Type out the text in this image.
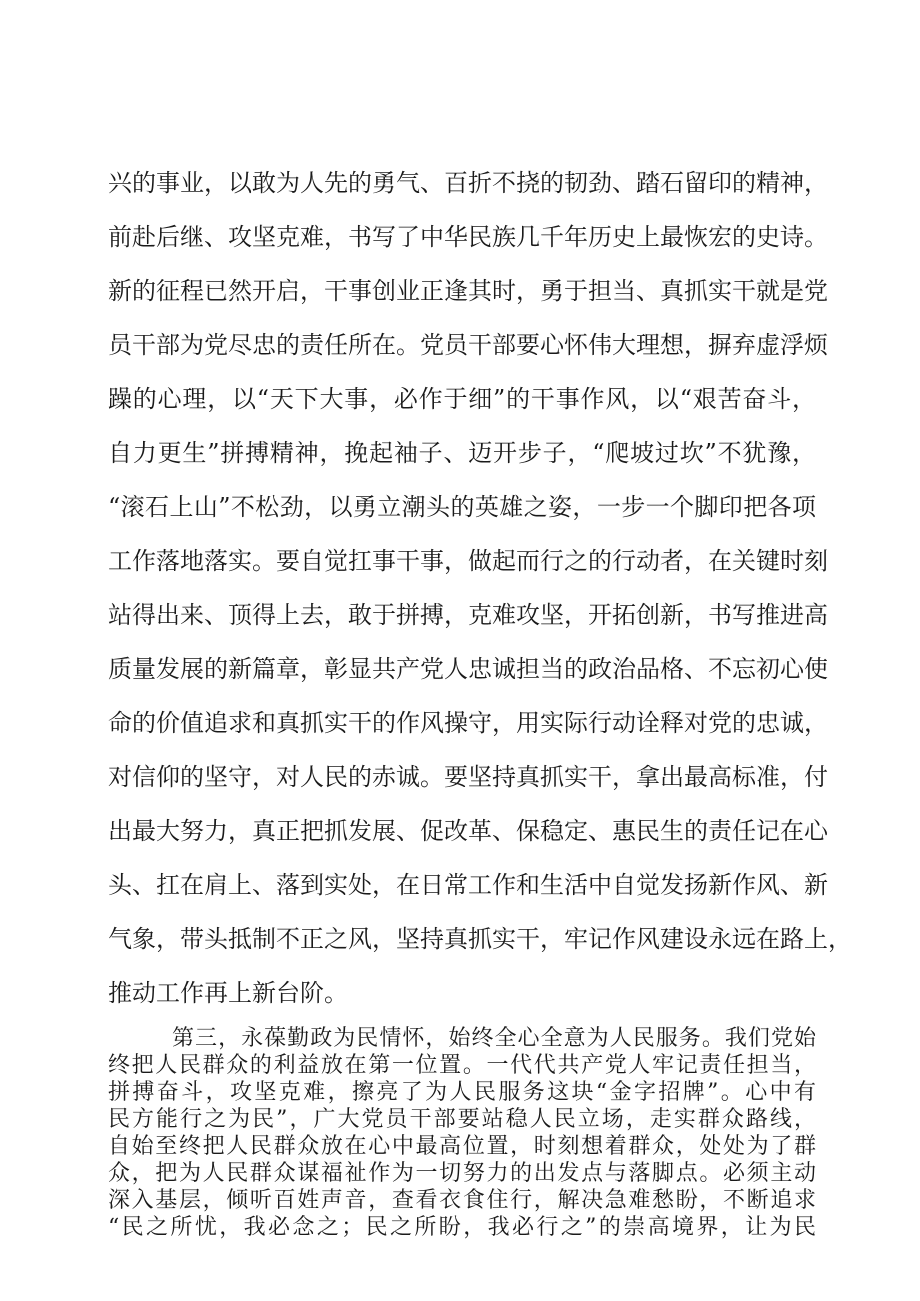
兴的事业，以敢为人先的勇气、百折不挠的韧劲、踏石留印的精神，
前赴后继、攻坚克难，书写了中华民族几千年历史上最恢宏的史诗。
新的征程已然开启，干事创业正逢其时，勇于担当、真抓实干就是党
员干部为党尽忠的责任所在。党员干部要心怀伟大理想，摒弃虚浮烦
躁的心理，以“天下大事，必作于细”的干事作风，以“艰苦奋斗，
自力更生”拼搏精神，挽起袖子、迈开步子，“爬坡过坎”不犹豫，
“滚石上山”不松劲，以勇立潮头的英雄之姿，一步一个脚印把各项
工作落地落实。要自觉扛事干事，做起而行之的行动者，在关键时刻
站得出来、顶得上去，敢于拼搏，克难攻坚，开拓创新，书写推进高
质量发展的新篇章，彰显共产党人忠诚担当的政治品格、不忘初心使
命的价值追求和真抓实干的作风操守，用实际行动诠释对党的忠诚，
对信仰的坚守，对人民的赤诚。要坚持真抓实干，拿出最高标准，付
出最大努力，真正把抓发展、促改革、保稳定、惠民生的责任记在心
头、扛在肩上、落到实处，在日常工作和生活中自觉发扬新作风、新
气象，带头抵制不正之风，坚持真抓实干，牢记作风建设永远在路上，
推动工作再上新台阶。
第三，永葆勤政为民情怀，始终全心全意为人民服务。我们党始
终把人民群众的利益放在第一位置。一代代共产党人牢记责任担当，
拼搏奋斗，攻坚克难，擦亮了为人民服务这块“金字招牌”。心中有
民方能行之为民”，广大党员干部要站稳人民立场，走实群众路线，
自始至终把人民群众放在心中最高位置，时刻想着群众，处处为了群
众，把为人民群众谋福祉作为一切努力的出发点与落脚点。必须主动
深入基层，倾听百姓声音，查看衣食住行，解决急难愁盼，不断追求
“民之所忧，我必念之；民之所盼，我必行之”的崇高境界，让为民
